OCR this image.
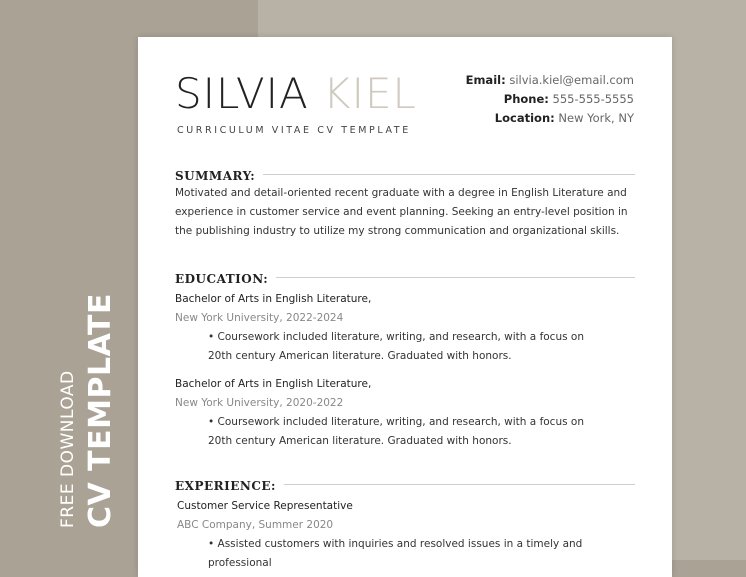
FREE DOWNLOAD CV TEMPLATE
SILVIA KIEL
CURRICULUM VITAE CV TEMPLATE
Email: silvia.kiel@email.com
Phone: 555-555-5555
Location: New York, NY
SUMMARY:
Motivated and detail-oriented recent graduate with a degree in English Literature and experience in customer service and event planning. Seeking an entry-level position in the publishing industry to utilize my strong communication and organizational skills.
EDUCATION:
Bachelor of Arts in English Literature,
New York University, 2022-2024
• Coursework included literature, writing, and research, with a focus on 20th century American literature. Graduated with honors.
Bachelor of Arts in English Literature,
New York University, 2020-2022
• Coursework included literature, writing, and research, with a focus on 20th century American literature. Graduated with honors.
EXPERIENCE:
Customer Service Representative
ABC Company, Summer 2020
• Assisted customers with inquiries and resolved issues in a timely and professional
